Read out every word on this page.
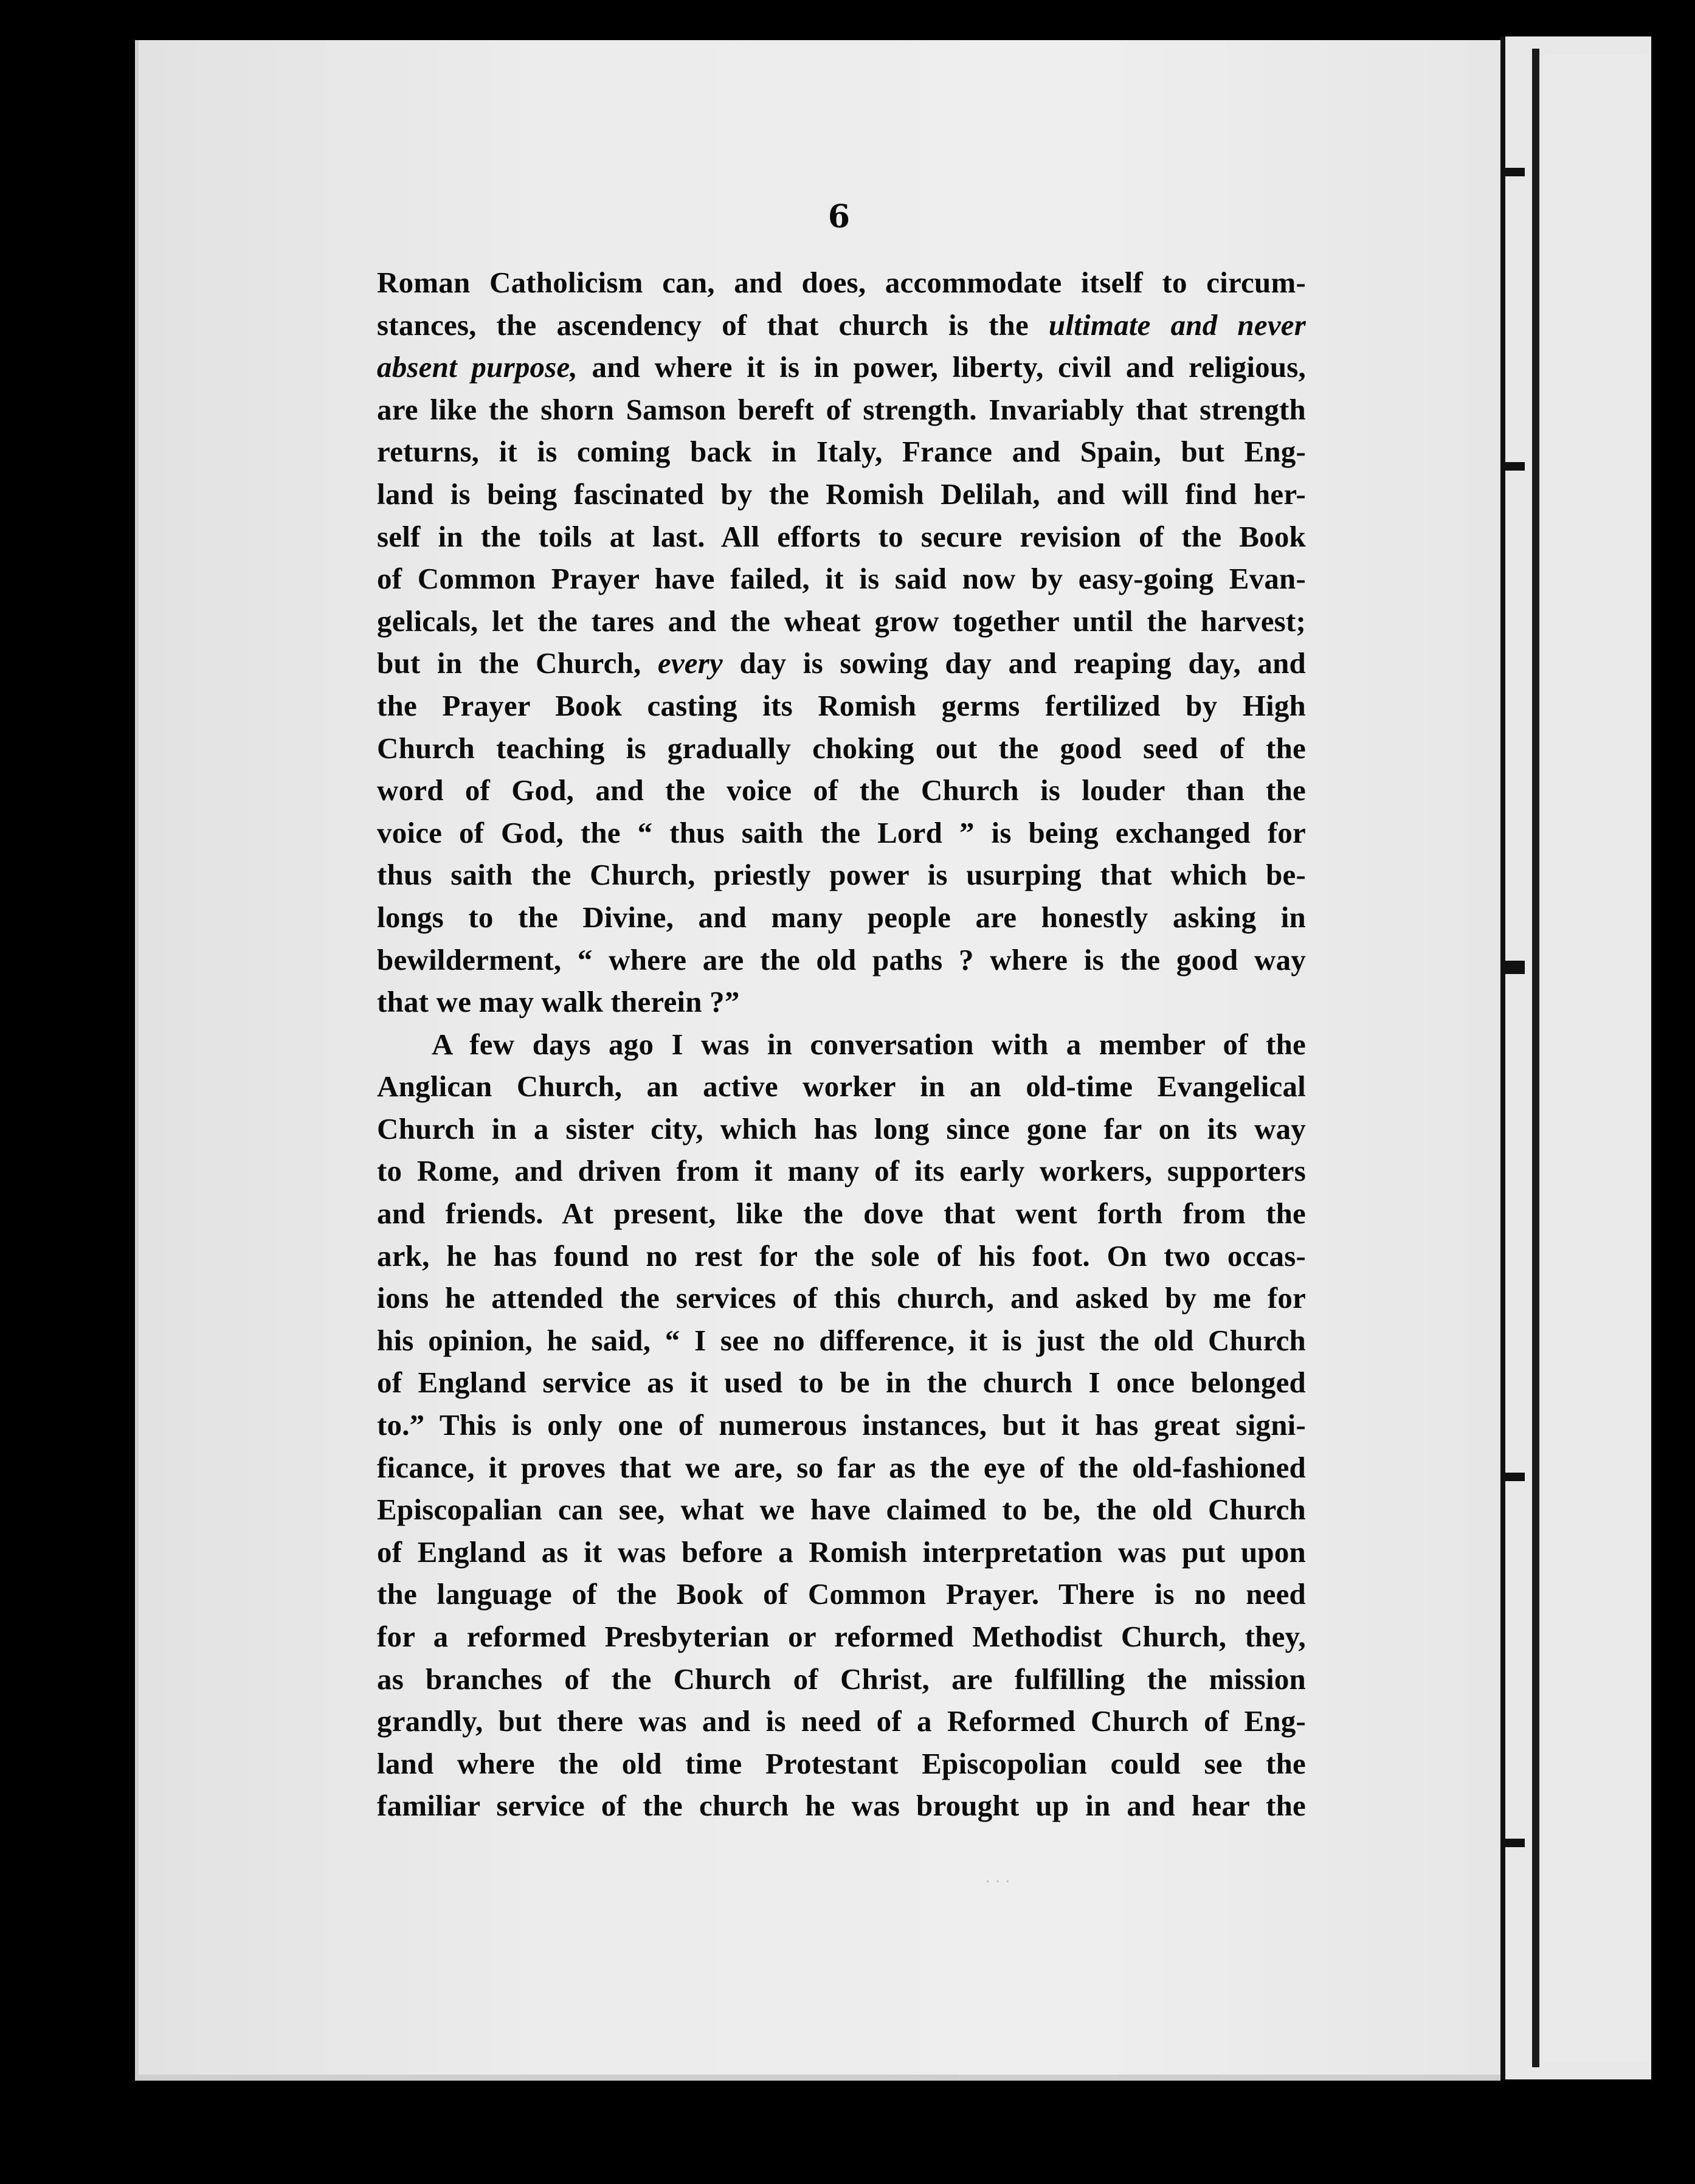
6
Roman Catholicism can, and does, accommodate itself to circum-
stances, the ascendency of that church is the ultimate and never
absent purpose, and where it is in power, liberty, civil and religious,
are like the shorn Samson bereft of strength. Invariably that strength
returns, it is coming back in Italy, France and Spain, but Eng-
land is being fascinated by the Romish Delilah, and will find her-
self in the toils at last. All efforts to secure revision of the Book
of Common Prayer have failed, it is said now by easy-going Evan-
gelicals, let the tares and the wheat grow together until the harvest;
but in the Church, every day is sowing day and reaping day, and
the Prayer Book casting its Romish germs fertilized by High
Church teaching is gradually choking out the good seed of the
word of God, and the voice of the Church is louder than the
voice of God, the “ thus saith the Lord ” is being exchanged for
thus saith the Church, priestly power is usurping that which be-
longs to the Divine, and many people are honestly asking in
bewilderment, “ where are the old paths ? where is the good way
that we may walk therein ?”
A few days ago I was in conversation with a member of the
Anglican Church, an active worker in an old-time Evangelical
Church in a sister city, which has long since gone far on its way
to Rome, and driven from it many of its early workers, supporters
and friends. At present, like the dove that went forth from the
ark, he has found no rest for the sole of his foot. On two occas-
ions he attended the services of this church, and asked by me for
his opinion, he said, “ I see no difference, it is just the old Church
of England service as it used to be in the church I once belonged
to.” This is only one of numerous instances, but it has great signi-
ficance, it proves that we are, so far as the eye of the old-fashioned
Episcopalian can see, what we have claimed to be, the old Church
of England as it was before a Romish interpretation was put upon
the language of the Book of Common Prayer. There is no need
for a reformed Presbyterian or reformed Methodist Church, they,
as branches of the Church of Christ, are fulfilling the mission
grandly, but there was and is need of a Reformed Church of Eng-
land where the old time Protestant Episcopolian could see the
familiar service of the church he was brought up in and hear the
· · ·
